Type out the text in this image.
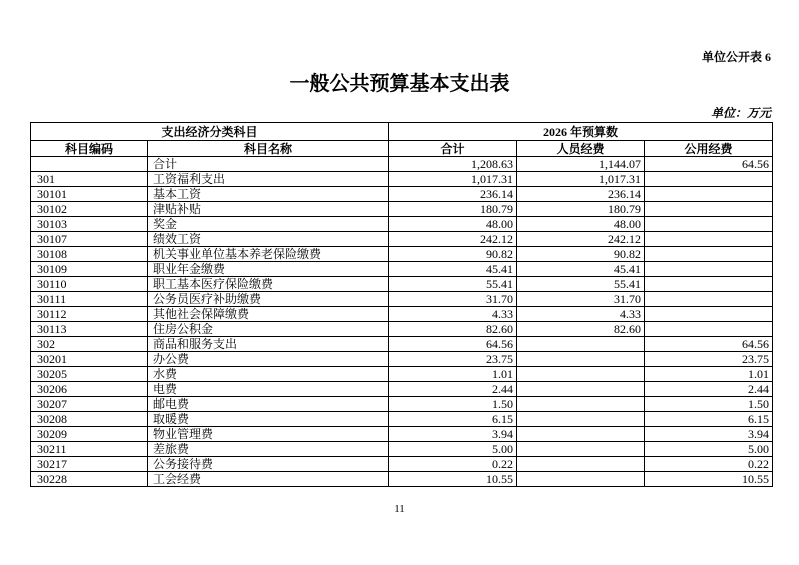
单位公开表 6
一般公共预算基本支出表
单位：万元
支出经济分类科目		2026 年预算数		
科目编码	科目名称	合计	人员经费	公用经费
	合计	1,208.63	1,144.07	64.56
301	工资福利支出	1,017.31	1,017.31	
30101	基本工资	236.14	236.14	
30102	津贴补贴	180.79	180.79	
30103	奖金	48.00	48.00	
30107	绩效工资	242.12	242.12	
30108	机关事业单位基本养老保险缴费	90.82	90.82	
30109	职业年金缴费	45.41	45.41	
30110	职工基本医疗保险缴费	55.41	55.41	
30111	公务员医疗补助缴费	31.70	31.70	
30112	其他社会保障缴费	4.33	4.33	
30113	住房公积金	82.60	82.60	
302	商品和服务支出	64.56		64.56
30201	办公费	23.75		23.75
30205	水费	1.01		1.01
30206	电费	2.44		2.44
30207	邮电费	1.50		1.50
30208	取暖费	6.15		6.15
30209	物业管理费	3.94		3.94
30211	差旅费	5.00		5.00
30217	公务接待费	0.22		0.22
30228	工会经费	10.55		10.55
11
